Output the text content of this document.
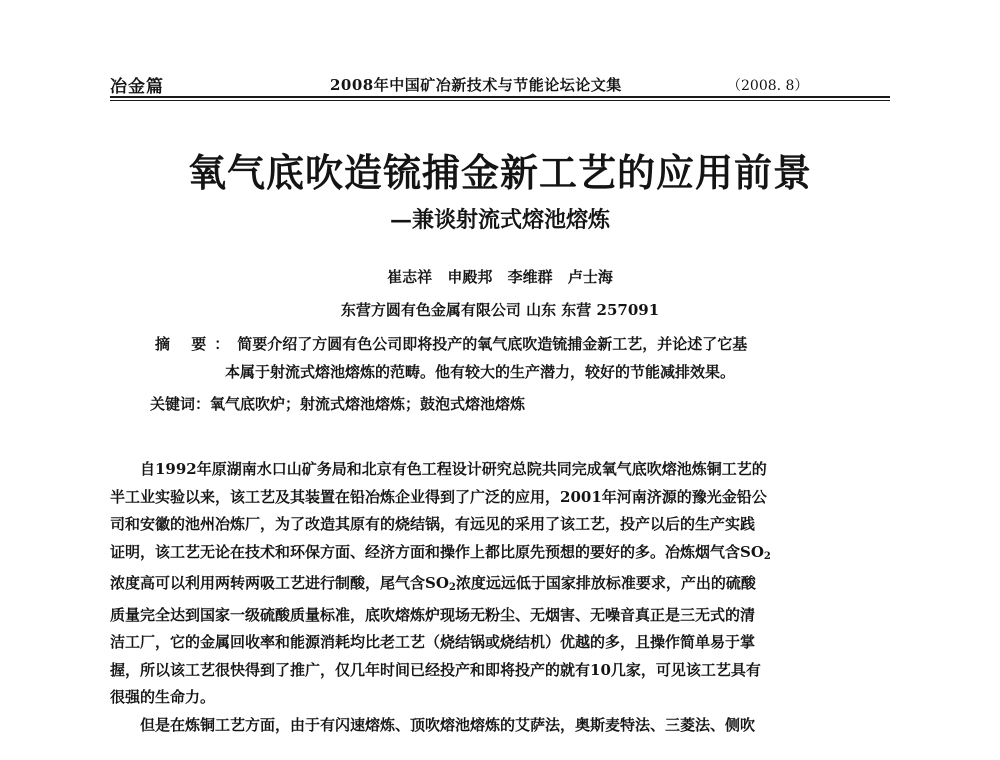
冶金篇	2008年中国矿冶新技术与节能论坛论文集	（2008. 8）
氧气底吹造锍捕金新工艺的应用前景
—兼谈射流式熔池熔炼
崔志祥 申殿邦 李维群 卢士海
东营方圆有色金属有限公司 山东 东营 257091
摘 要：简要介绍了方圆有色公司即将投产的氧气底吹造锍捕金新工艺，并论述了它基
本属于射流式熔池熔炼的范畴。他有较大的生产潜力，较好的节能减排效果。
关键词：氧气底吹炉；射流式熔池熔炼；鼓泡式熔池熔炼
自1992年原湖南水口山矿务局和北京有色工程设计研究总院共同完成氧气底吹熔池炼铜工艺的
半工业实验以来，该工艺及其装置在铅冶炼企业得到了广泛的应用，2001年河南济源的豫光金铅公
司和安徽的池州冶炼厂，为了改造其原有的烧结锅，有远见的采用了该工艺，投产以后的生产实践
证明，该工艺无论在技术和环保方面、经济方面和操作上都比原先预想的要好的多。冶炼烟气含$SO_2$
浓度高可以利用两转两吸工艺进行制酸，尾气含$SO_2$浓度远远低于国家排放标准要求，产出的硫酸
质量完全达到国家一级硫酸质量标准，底吹熔炼炉现场无粉尘、无烟害、无噪音真正是三无式的清
洁工厂，它的金属回收率和能源消耗均比老工艺（烧结锅或烧结机）优越的多，且操作简单易于掌
握，所以该工艺很快得到了推广，仅几年时间已经投产和即将投产的就有10几家，可见该工艺具有
很强的生命力。
但是在炼铜工艺方面，由于有闪速熔炼、顶吹熔池熔炼的艾萨法，奥斯麦特法、三菱法、侧吹
